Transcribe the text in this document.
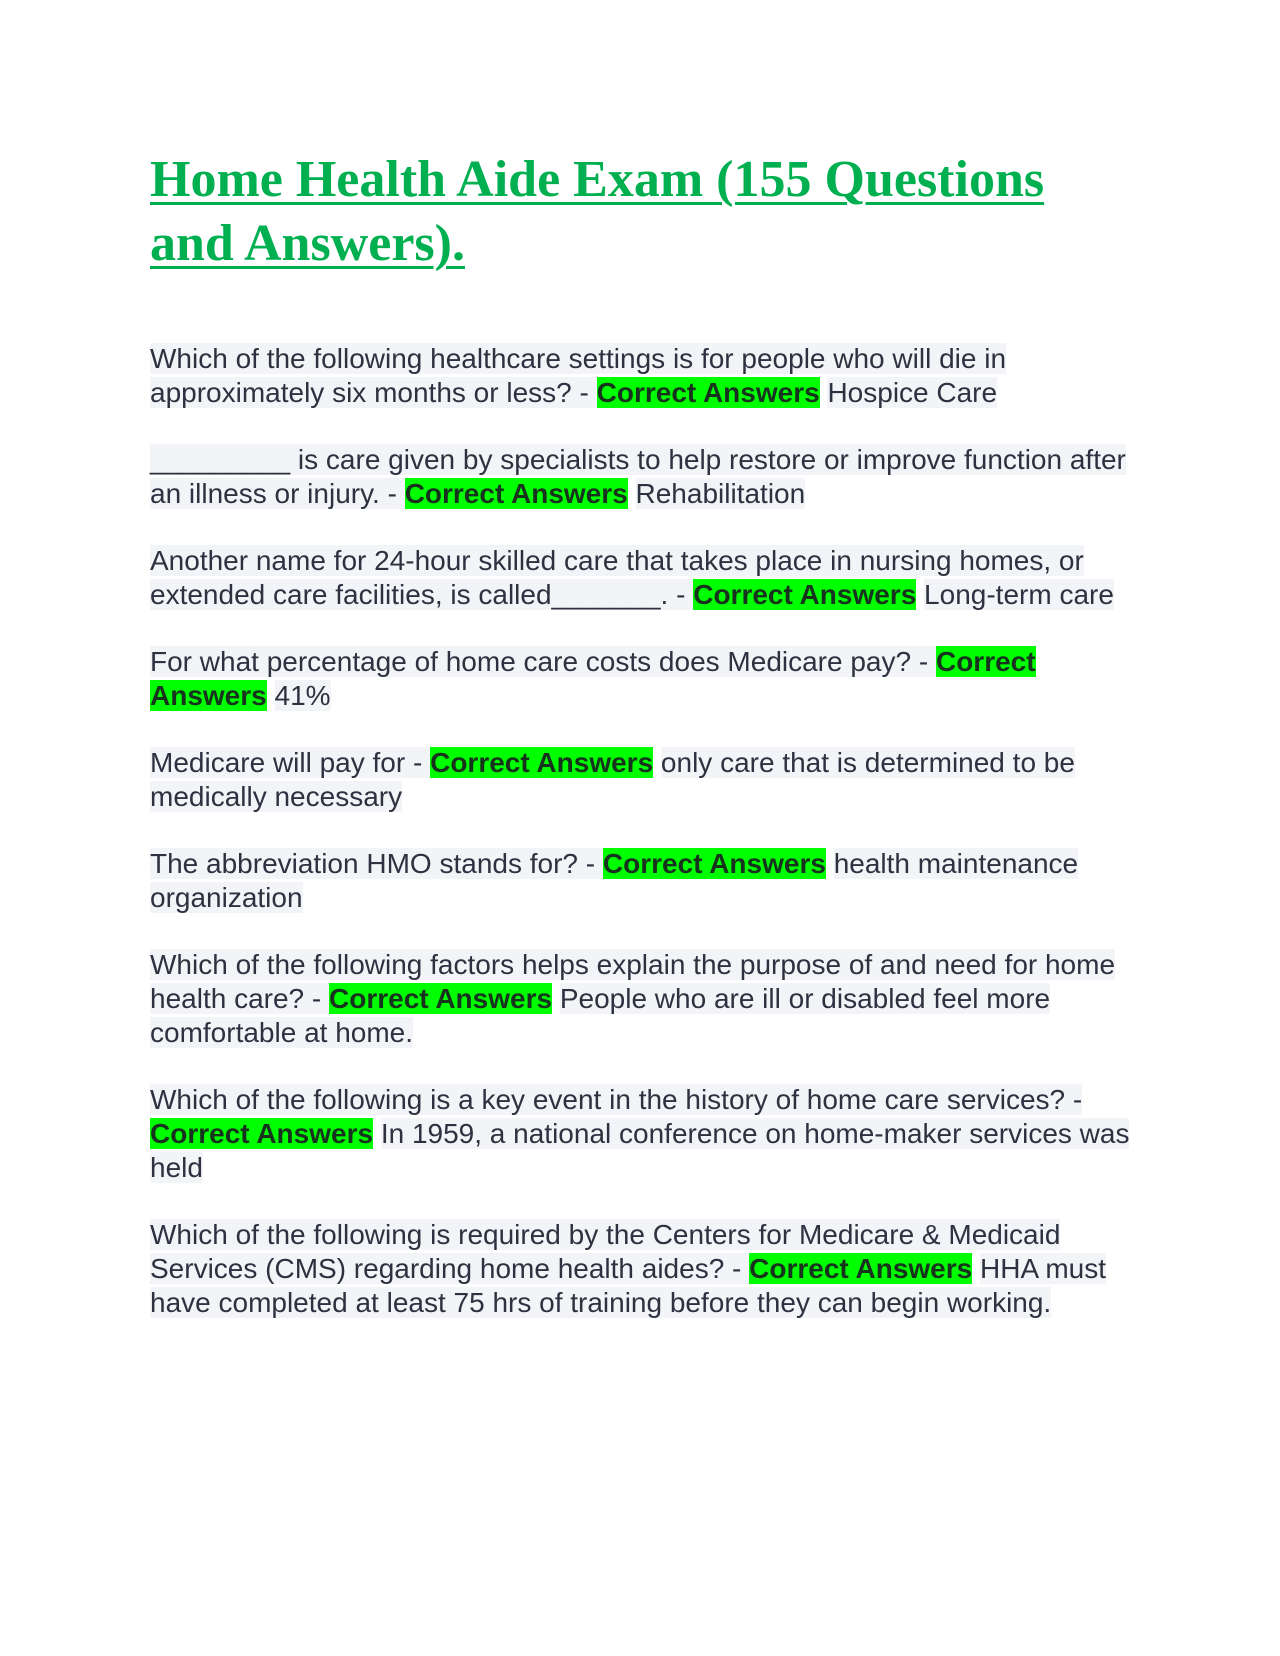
Home Health Aide Exam (155 Questions and Answers).

Which of the following healthcare settings is for people who will die in approximately six months or less? - Correct Answers Hospice Care

_________ is care given by specialists to help restore or improve function after an illness or injury. - Correct Answers Rehabilitation

Another name for 24-hour skilled care that takes place in nursing homes, or extended care facilities, is called_______. - Correct Answers Long-term care

For what percentage of home care costs does Medicare pay? - Correct Answers 41%

Medicare will pay for - Correct Answers only care that is determined to be medically necessary

The abbreviation HMO stands for? - Correct Answers health maintenance organization

Which of the following factors helps explain the purpose of and need for home health care? - Correct Answers People who are ill or disabled feel more comfortable at home.

Which of the following is a key event in the history of home care services? - Correct Answers In 1959, a national conference on home-maker services was held

Which of the following is required by the Centers for Medicare & Medicaid Services (CMS) regarding home health aides? - Correct Answers HHA must have completed at least 75 hrs of training before they can begin working.
